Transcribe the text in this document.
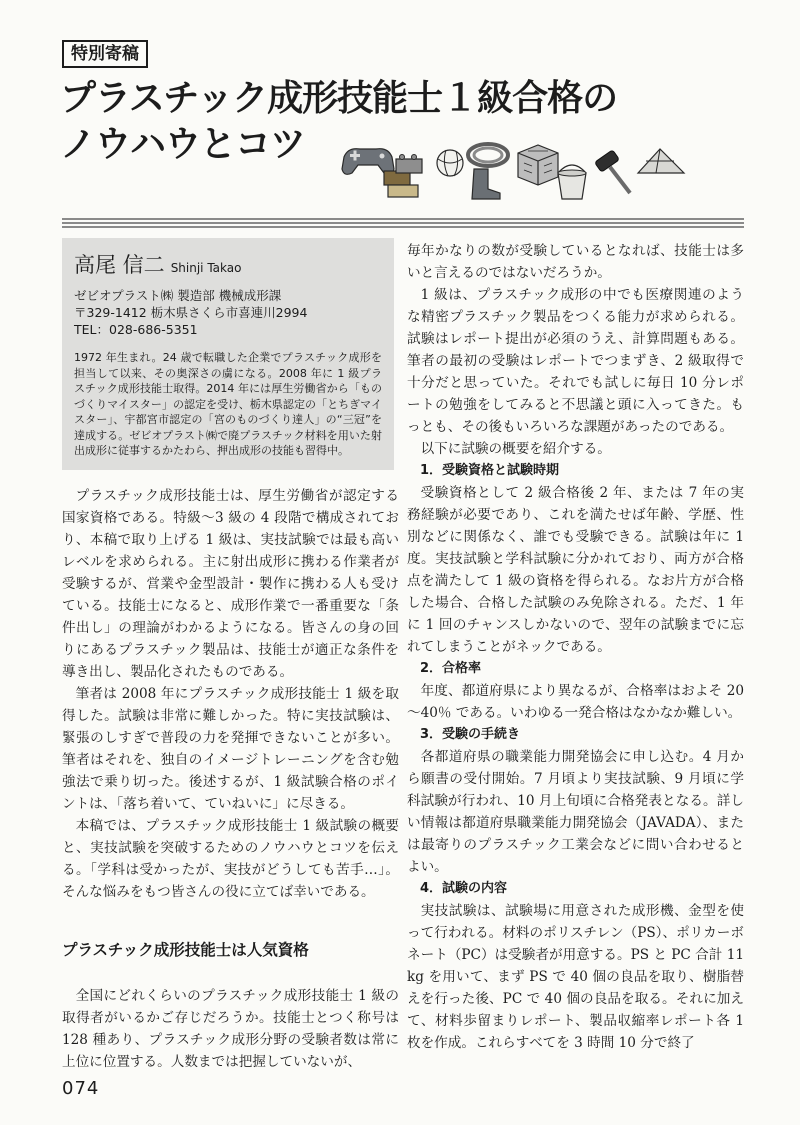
特別寄稿
プラスチック成形技能士１級合格の
ノウハウとコツ
高尾 信二 Shinji Takao
ゼビオプラスト㈱ 製造部 機械成形課
〒329-1412 栃木県さくら市喜連川2994
TEL：028-686-5351
1972 年生まれ。24 歳で転職した企業でプラスチック成形を担当して以来、その奥深さの虜になる。2008 年に 1 級プラスチック成形技能士取得。2014 年には厚生労働省から「ものづくりマイスター」の認定を受け、栃木県認定の「とちぎマイスター」、宇都宮市認定の「宮のものづくり達人」の“三冠”を達成する。ゼビオプラスト㈱で廃プラスチック材料を用いた射出成形に従事するかたわら、押出成形の技能も習得中。

プラスチック成形技能士は、厚生労働省が認定する国家資格である。特級～3 級の 4 段階で構成されており、本稿で取り上げる 1 級は、実技試験では最も高いレベルを求められる。主に射出成形に携わる作業者が受験するが、営業や金型設計・製作に携わる人も受けている。技能士になると、成形作業で一番重要な「条件出し」の理論がわかるようになる。皆さんの身の回りにあるプラスチック製品は、技能士が適正な条件を導き出し、製品化されたものである。

筆者は 2008 年にプラスチック成形技能士 1 級を取得した。試験は非常に難しかった。特に実技試験は、緊張のしすぎで普段の力を発揮できないことが多い。筆者はそれを、独自のイメージトレーニングを含む勉強法で乗り切った。後述するが、1 級試験合格のポイントは、「落ち着いて、ていねいに」に尽きる。

本稿では、プラスチック成形技能士 1 級試験の概要と、実技試験を突破するためのノウハウとコツを伝える。「学科は受かったが、実技がどうしても苦手…」。そんな悩みをもつ皆さんの役に立てば幸いである。

プラスチック成形技能士は人気資格

全国にどれくらいのプラスチック成形技能士 1 級の取得者がいるかご存じだろうか。技能士とつく称号は 128 種あり、プラスチック成形分野の受験者数は常に上位に位置する。人数までは把握していないが、

毎年かなりの数が受験しているとなれば、技能士は多いと言えるのではないだろうか。

1 級は、プラスチック成形の中でも医療関連のような精密プラスチック製品をつくる能力が求められる。試験はレポート提出が必須のうえ、計算問題もある。筆者の最初の受験はレポートでつまずき、2 級取得で十分だと思っていた。それでも試しに毎日 10 分レポートの勉強をしてみると不思議と頭に入ってきた。もっとも、その後もいろいろな課題があったのである。

以下に試験の概要を紹介する。

1．受験資格と試験時期

受験資格として 2 級合格後 2 年、または 7 年の実務経験が必要であり、これを満たせば年齢、学歴、性別などに関係なく、誰でも受験できる。試験は年に 1 度。実技試験と学科試験に分かれており、両方が合格点を満たして 1 級の資格を得られる。なお片方が合格した場合、合格した試験のみ免除される。ただ、1 年に 1 回のチャンスしかないので、翌年の試験までに忘れてしまうことがネックである。

2．合格率

年度、都道府県により異なるが、合格率はおよそ 20 ～40％ である。いわゆる一発合格はなかなか難しい。

3．受験の手続き

各都道府県の職業能力開発協会に申し込む。4 月から願書の受付開始。7 月頃より実技試験、9 月頃に学科試験が行われ、10 月上旬頃に合格発表となる。詳しい情報は都道府県職業能力開発協会（JAVADA）、または最寄りのプラスチック工業会などに問い合わせるとよい。

4．試験の内容

実技試験は、試験場に用意された成形機、金型を使って行われる。材料のポリスチレン（PS）、ポリカーボネート（PC）は受験者が用意する。PS と PC 合計 11 kg を用いて、まず PS で 40 個の良品を取り、樹脂替えを行った後、PC で 40 個の良品を取る。それに加えて、材料歩留まりレポート、製品収縮率レポート各 1 枚を作成。これらすべてを 3 時間 10 分で終了

074
